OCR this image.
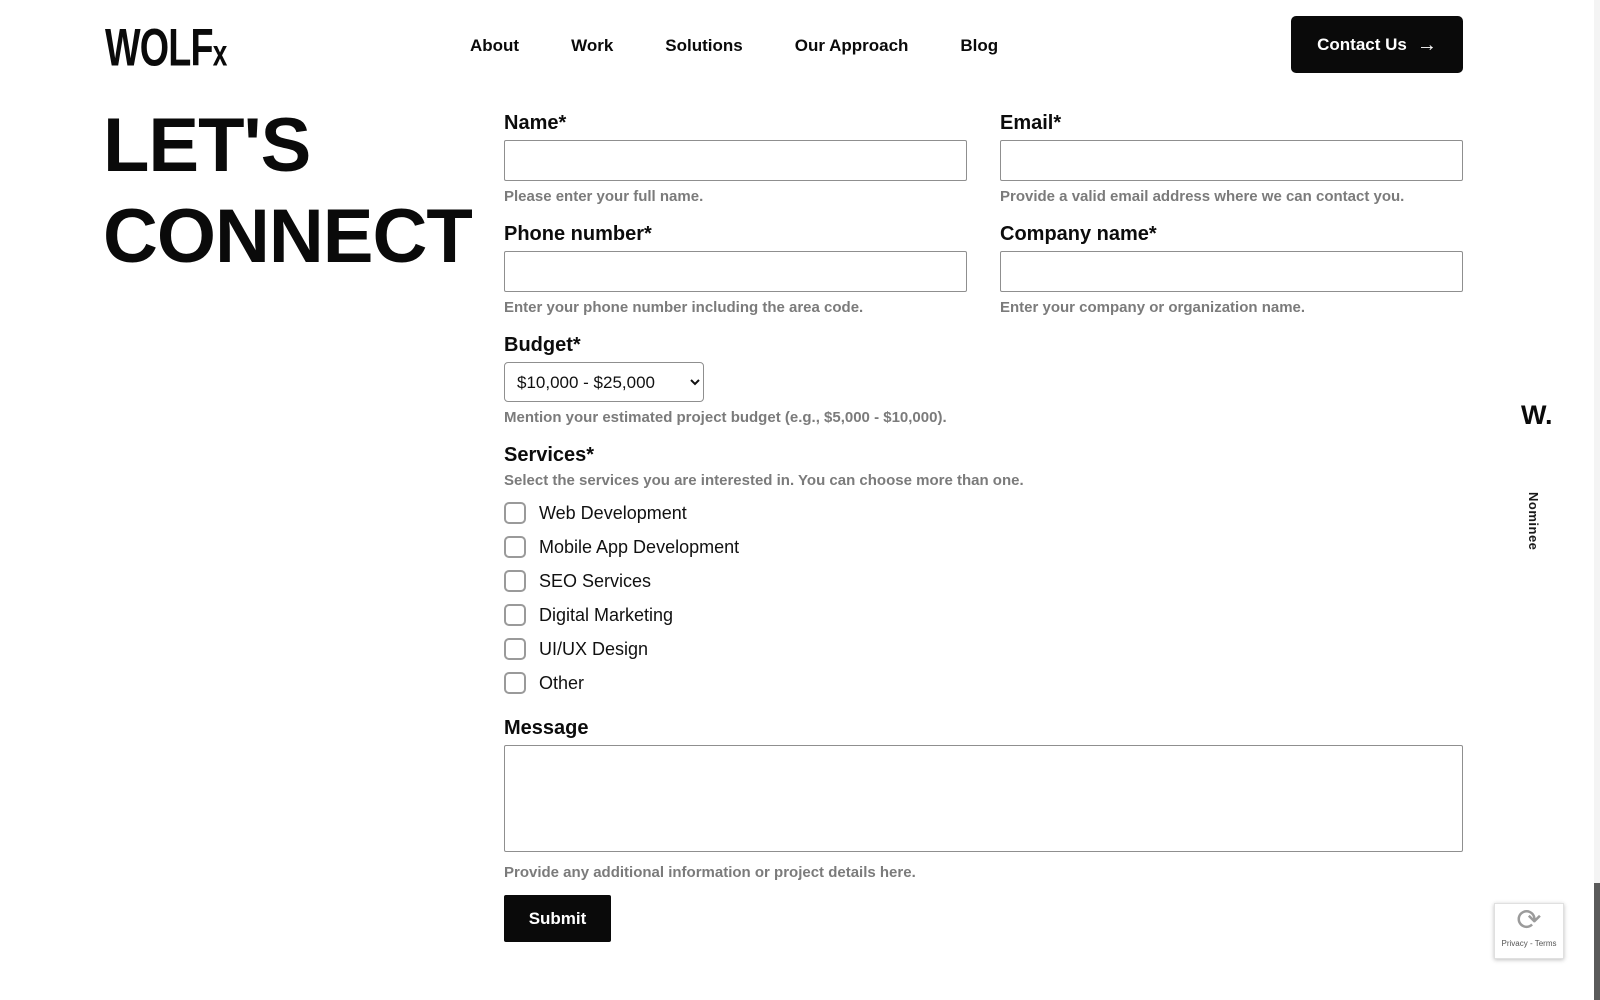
WOLFx	About	Work	Solutions	Our Approach	Blog	Contact Us →
LET'S
CONNECT
Name*
Please enter your full name.
Email*
Provide a valid email address where we can contact you.
Phone number*
Enter your phone number including the area code.
Company name*
Enter your company or organization name.
Budget*
$10,000 - $25,000
Mention your estimated project budget (e.g., $5,000 - $10,000).
Services*
Select the services you are interested in. You can choose more than one.
Web Development
Mobile App Development
SEO Services
Digital Marketing
UI/UX Design
Other
Message
Provide any additional information or project details here.
Submit
W.
Nominee
⟳
Privacy - Terms
